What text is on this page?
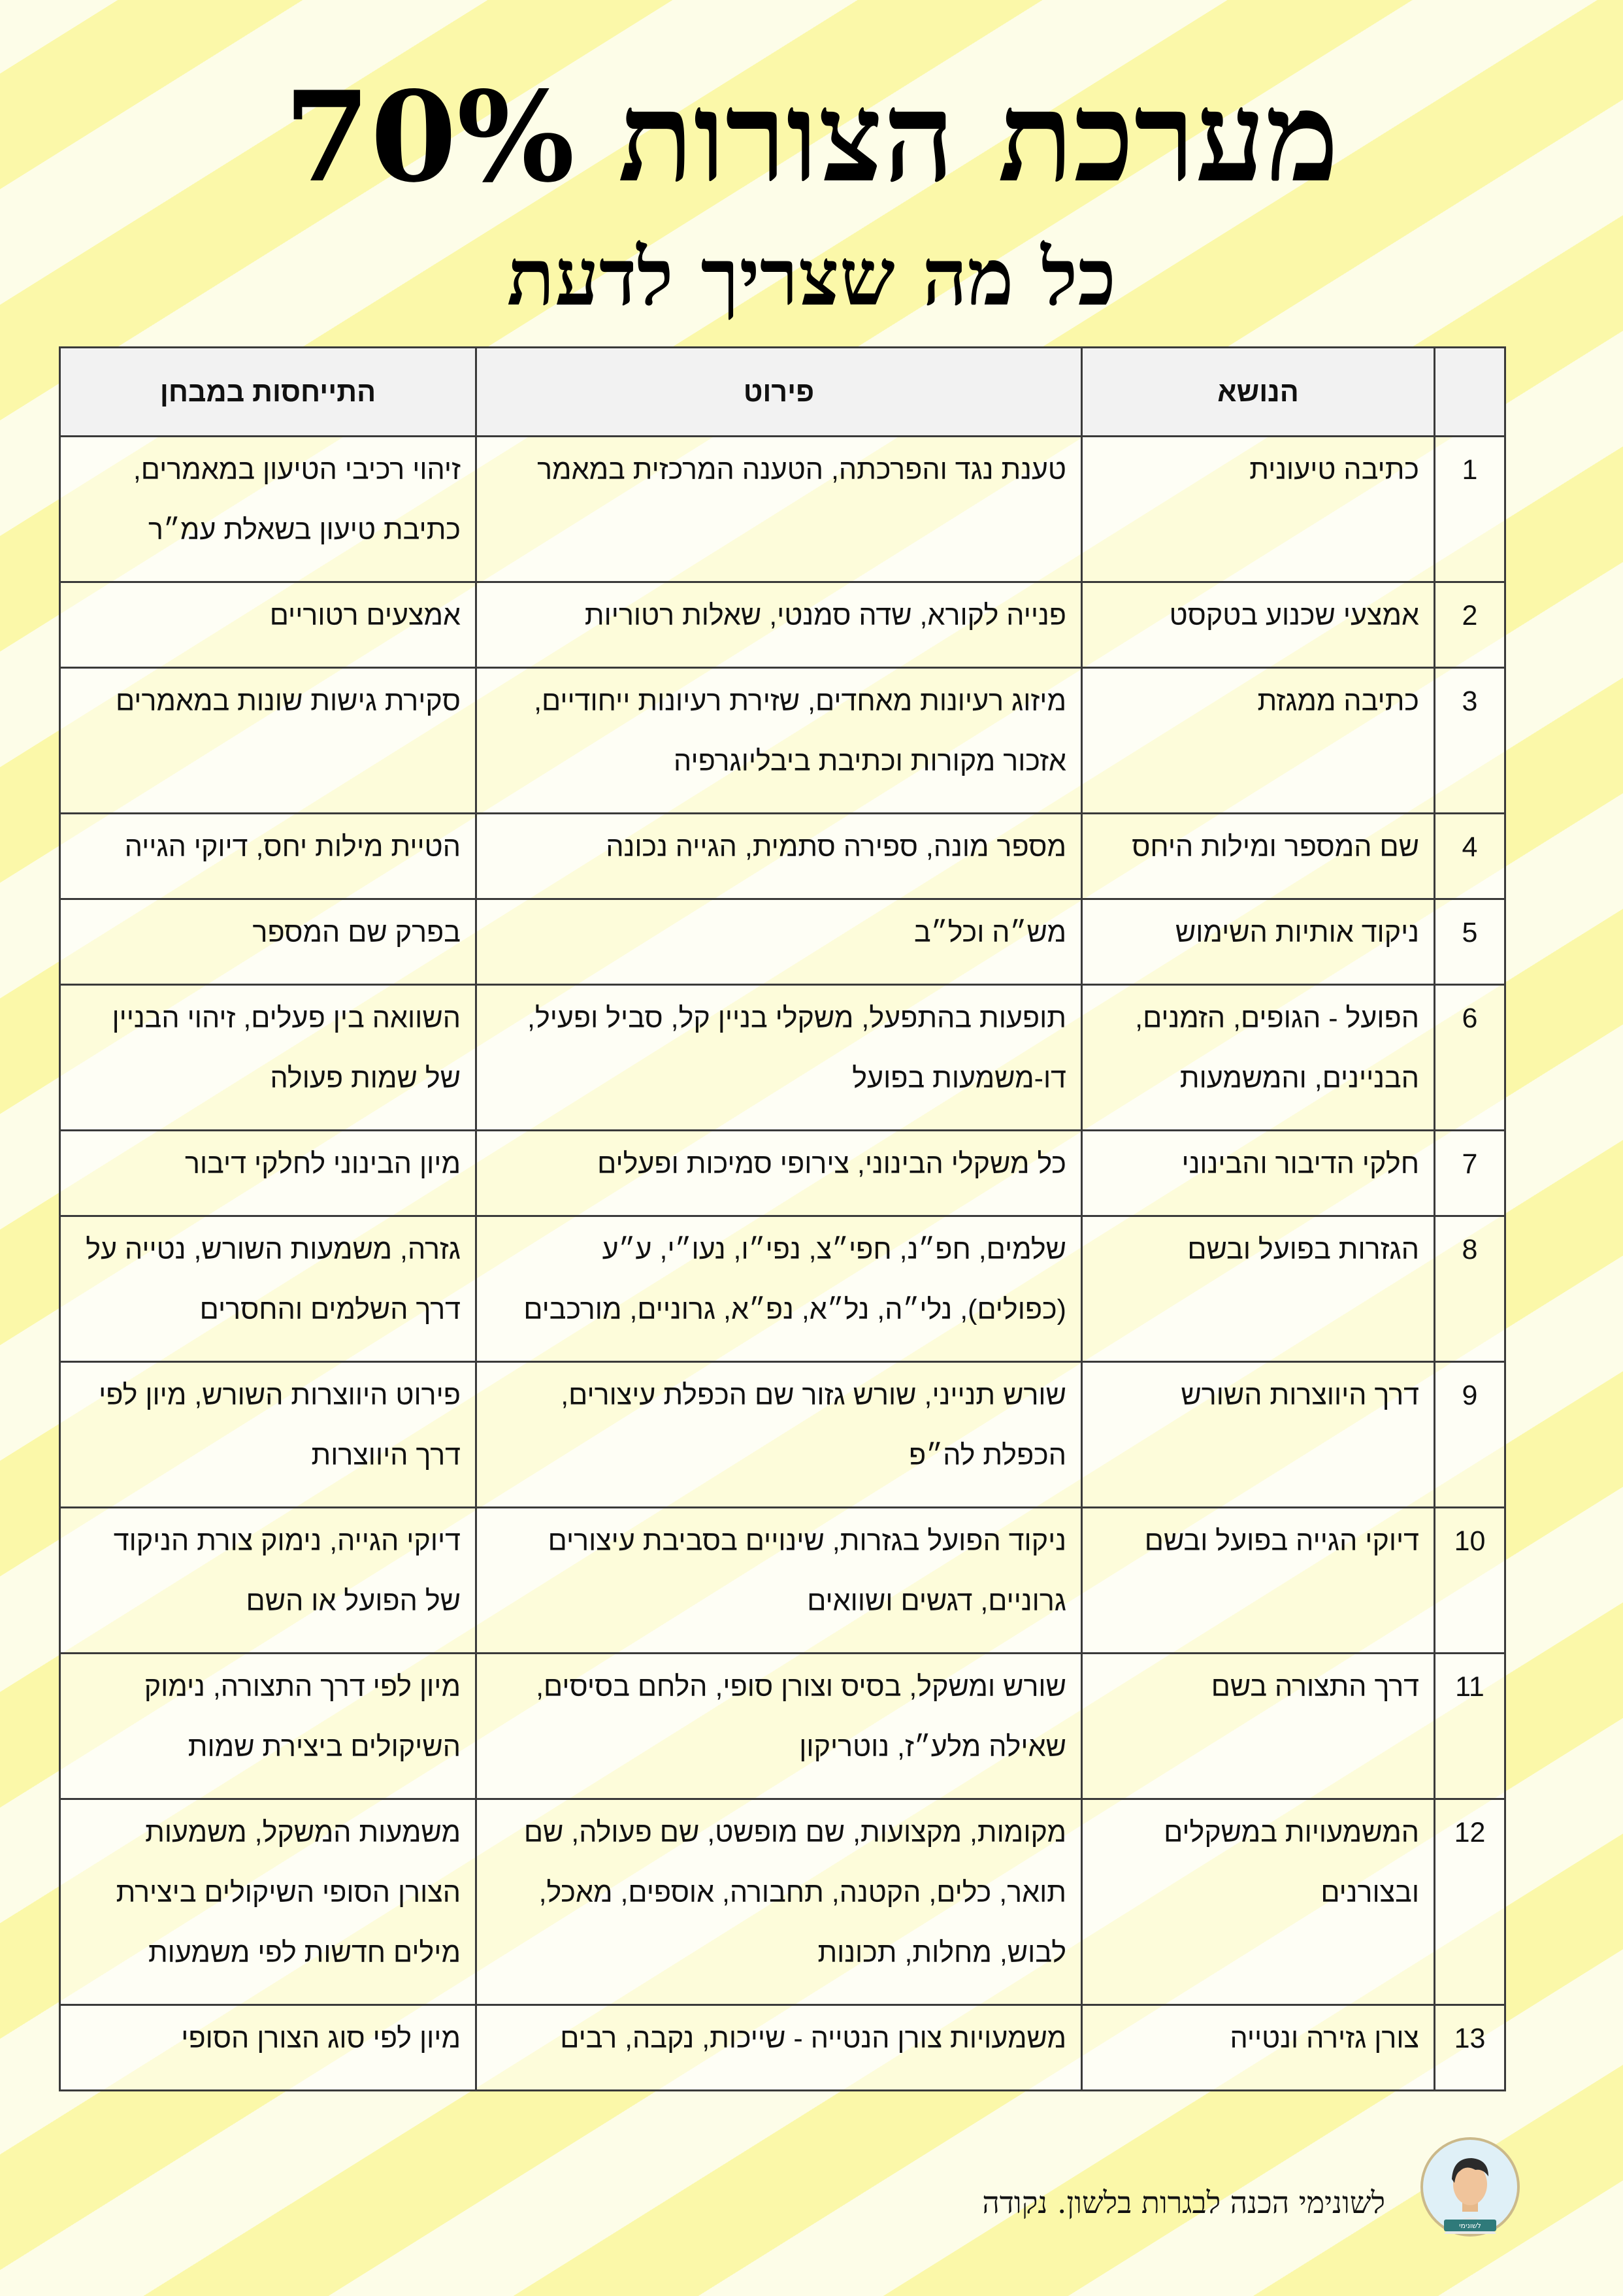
מערכת הצורות 70%
כל מה שצריך לדעת
	הנושא	פירוט	התייחסות במבחן
1	כתיבה טיעונית	טענת נגד והפרכתה, הטענה המרכזית במאמר	זיהוי רכיבי הטיעון במאמרים, כתיבת טיעון בשאלת עמ״ר
2	אמצעי שכנוע בטקסט	פנייה לקורא, שדה סמנטי, שאלות רטוריות	אמצעים רטוריים
3	כתיבה ממגזת	מיזוג רעיונות מאחדים, שזירת רעיונות ייחודיים, אזכור מקורות וכתיבת ביבליוגרפיה	סקירת גישות שונות במאמרים
4	שם המספר ומילות היחס	מספר מונה, ספירה סתמית, הגייה נכונה	הטיית מילות יחס, דיוקי הגייה
5	ניקוד אותיות השימוש	מש״ה וכל״ב	בפרק שם המספר
6	הפועל - הגופים, הזמנים, הבניינים, והמשמעות	תופעות בהתפעל, משקלי בניין קל, סביל ופעיל, דו-משמעות בפועל	השוואה בין פעלים, זיהוי הבניין של שמות פעולה
7	חלקי הדיבור והבינוני	כל משקלי הבינוני, צירופי סמיכות ופעלים	מיון הבינוני לחלקי דיבור
8	הגזרות בפועל ובשם	שלמים, חפ״נ, חפי״צ, נפי״ו, נעו״י, ע״ע (כפולים), נלי״ה, נל״א, נפ״א, גרוניים, מורכבים	גזרה, משמעות השורש, נטייה על דרך השלמים והחסרים
9	דרך היווצרות השורש	שורש תנייני, שורש גזור שם הכפלת עיצורים, הכפלת לה״פ	פירוט היווצרות השורש, מיון לפי דרך היווצרות
10	דיוקי הגייה בפועל ובשם	ניקוד הפועל בגזרות, שינויים בסביבת עיצורים גרוניים, דגשים ושוואים	דיוקי הגייה, נימוק צורת הניקוד של הפועל או השם
11	דרך התצורה בשם	שורש ומשקל, בסיס וצורן סופי, הלחם בסיסים, שאילה מלע״ז, נוטריקון	מיון לפי דרך התצורה, נימוק השיקולים ביצירת שמות
12	המשמעויות במשקלים ובצורנים	מקומות, מקצועות, שם מופשט, שם פעולה, שם תואר, כלים, הקטנה, תחבורה, אוספים, מאכל, לבוש, מחלות, תכונות	משמעות המשקל, משמעות הצורן הסופי השיקולים ביצירת מילים חדשות לפי משמעות
13	צורן גזירה ונטייה	משמעויות צורן הנטייה - שייכות, נקבה, רבים	מיון לפי סוג הצורן הסופי
לשונימי
לשונימי הכנה לבגרות בלשון. נקודה
